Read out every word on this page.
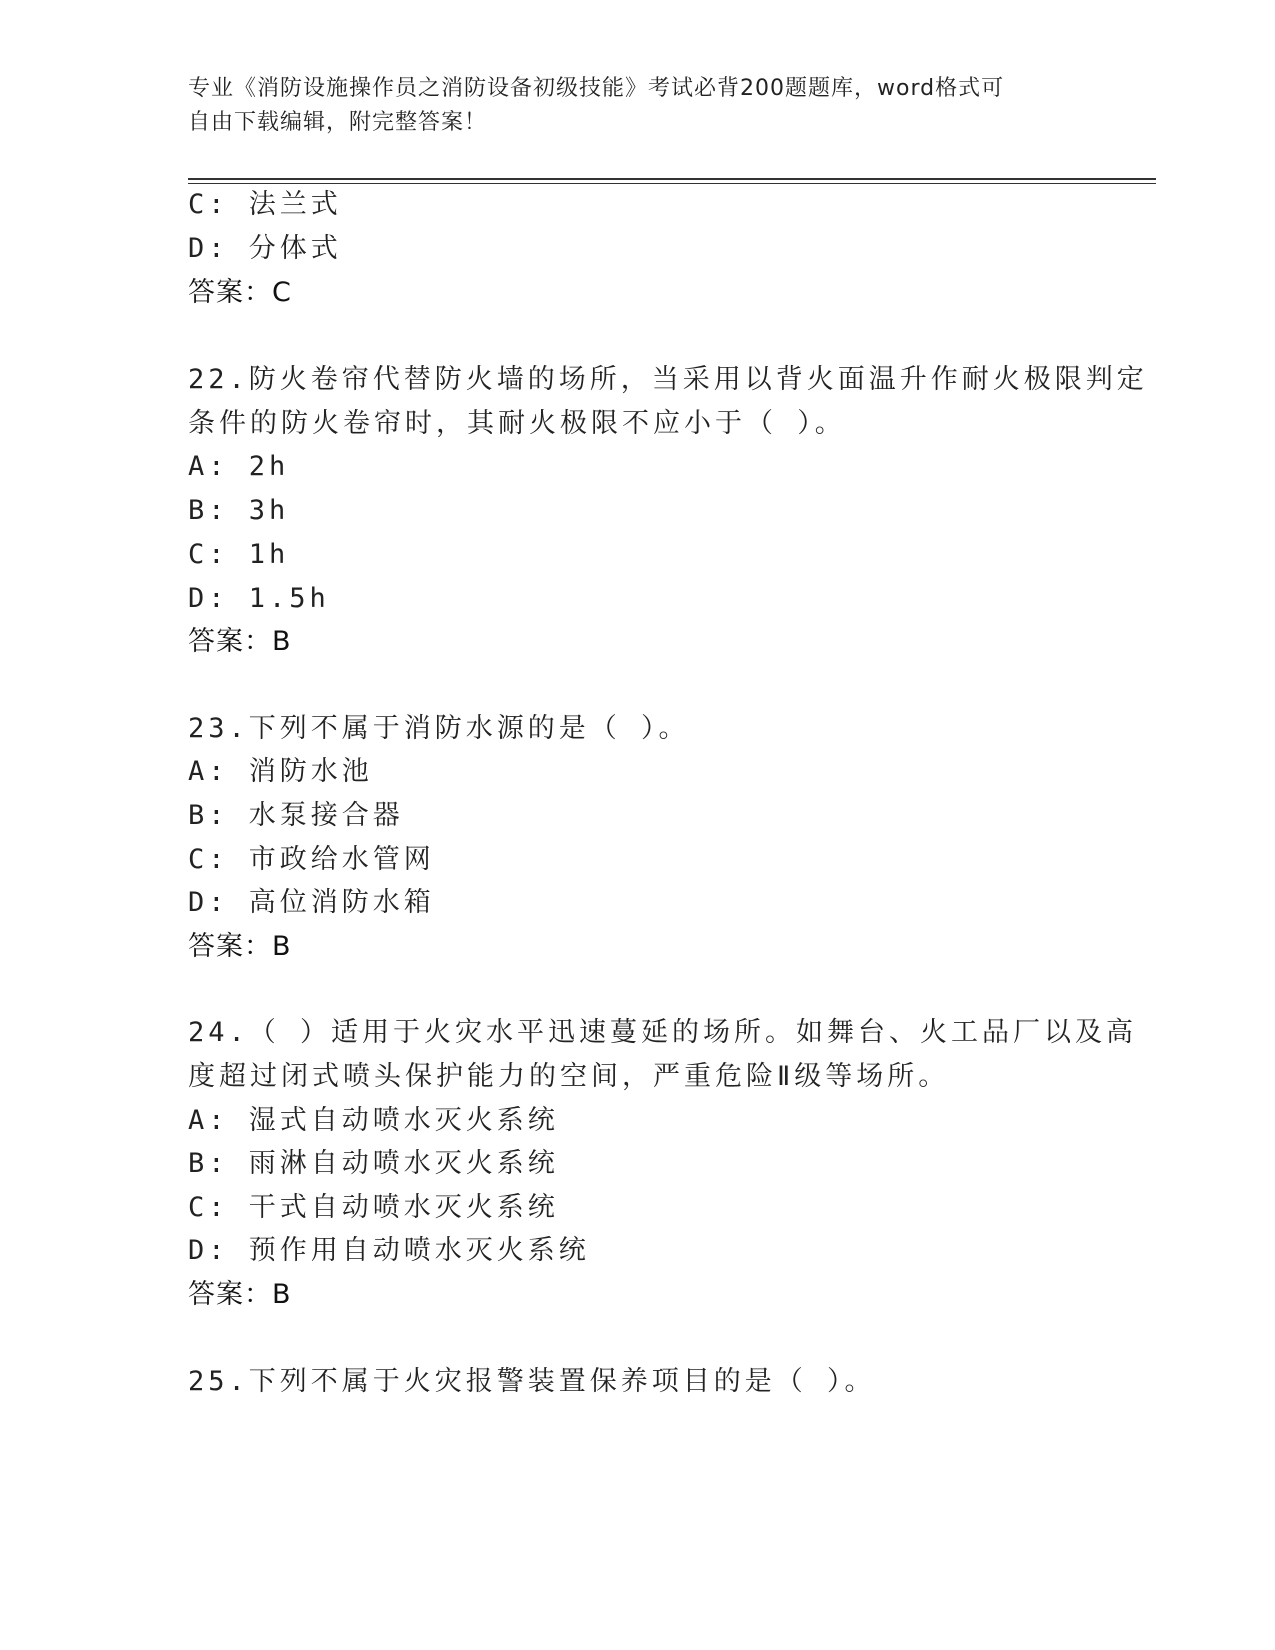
专业《消防设施操作员之消防设备初级技能》考试必背200题题库，word格式可
自由下载编辑，附完整答案！
C: 法兰式
D: 分体式
答案：C
22.防火卷帘代替防火墙的场所，当采用以背火面温升作耐火极限判定
条件的防火卷帘时，其耐火极限不应小于（ ）。
A: 2h
B: 3h
C: 1h
D: 1.5h
答案：B
23.下列不属于消防水源的是（ ）。
A: 消防水池
B: 水泵接合器
C: 市政给水管网
D: 高位消防水箱
答案：B
24.（ ）适用于火灾水平迅速蔓延的场所。如舞台、火工品厂以及高
度超过闭式喷头保护能力的空间，严重危险Ⅱ级等场所。
A: 湿式自动喷水灭火系统
B: 雨淋自动喷水灭火系统
C: 干式自动喷水灭火系统
D: 预作用自动喷水灭火系统
答案：B
25.下列不属于火灾报警装置保养项目的是（ ）。
